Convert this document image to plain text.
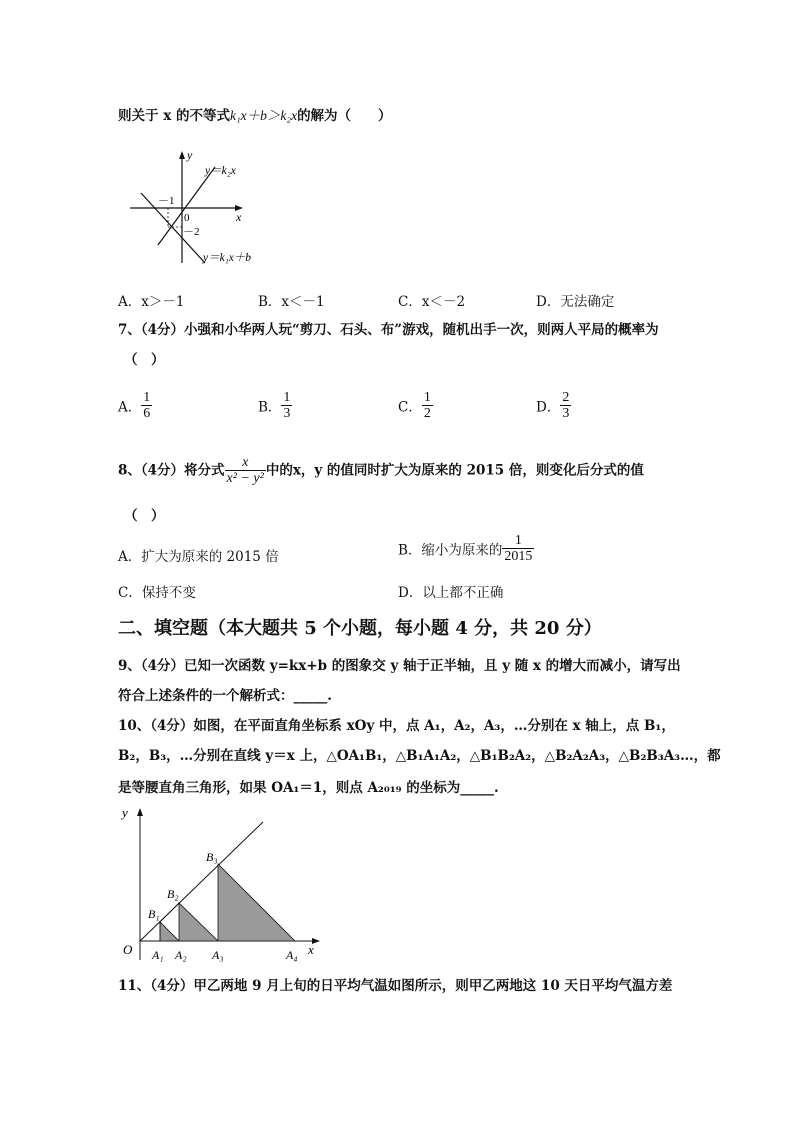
则关于 x 的不等式k₁x＋b＞k₂x的解为（　　）
y
x
0
－1
－2
y＝k₂x
y＝k₁x＋b
A．x＞－1	B．x＜－1	C．x＜－2	D．无法确定
7、（4分）小强和小华两人玩“剪刀、石头、布”游戏，随机出手一次，则两人平局的概率为
（　）
A． $\frac{1}{6}$	B． $\frac{1}{3}$	C． $\frac{1}{2}$	D． $\frac{2}{3}$
8、（4分）将分式 $\frac{x}{\text{x² − y²}}$ 中的x，y 的值同时扩大为原来的 2015 倍，则变化后分式的值
（　）
A．扩大为原来的 2015 倍	B．缩小为原来的 $\frac{1}{2015}$
C．保持不变	D．以上都不正确
二、填空题（本大题共 5 个小题，每小题 4 分，共 20 分）
9、（4分）已知一次函数 y=kx+b 的图象交 y 轴于正半轴，且 y 随 x 的增大而减小，请写出
符合上述条件的一个解析式：_____.
10、（4分）如图，在平面直角坐标系 xOy 中，点 A₁，A₂，A₃，…分别在 x 轴上，点 B₁，
B₂，B₃，…分别在直线 y＝x 上，△OA₁B₁，△B₁A₁A₂，△B₁B₂A₂，△B₂A₂A₃，△B₂B₃A₃…，都
是等腰直角三角形，如果 OA₁＝1，则点 A₂₀₁₉ 的坐标为_____.
y
x
O A₁ A₂ A₃	A₄
B₁
B₂
B₃
11、（4分）甲乙两地 9 月上旬的日平均气温如图所示，则甲乙两地这 10 天日平均气温方差
